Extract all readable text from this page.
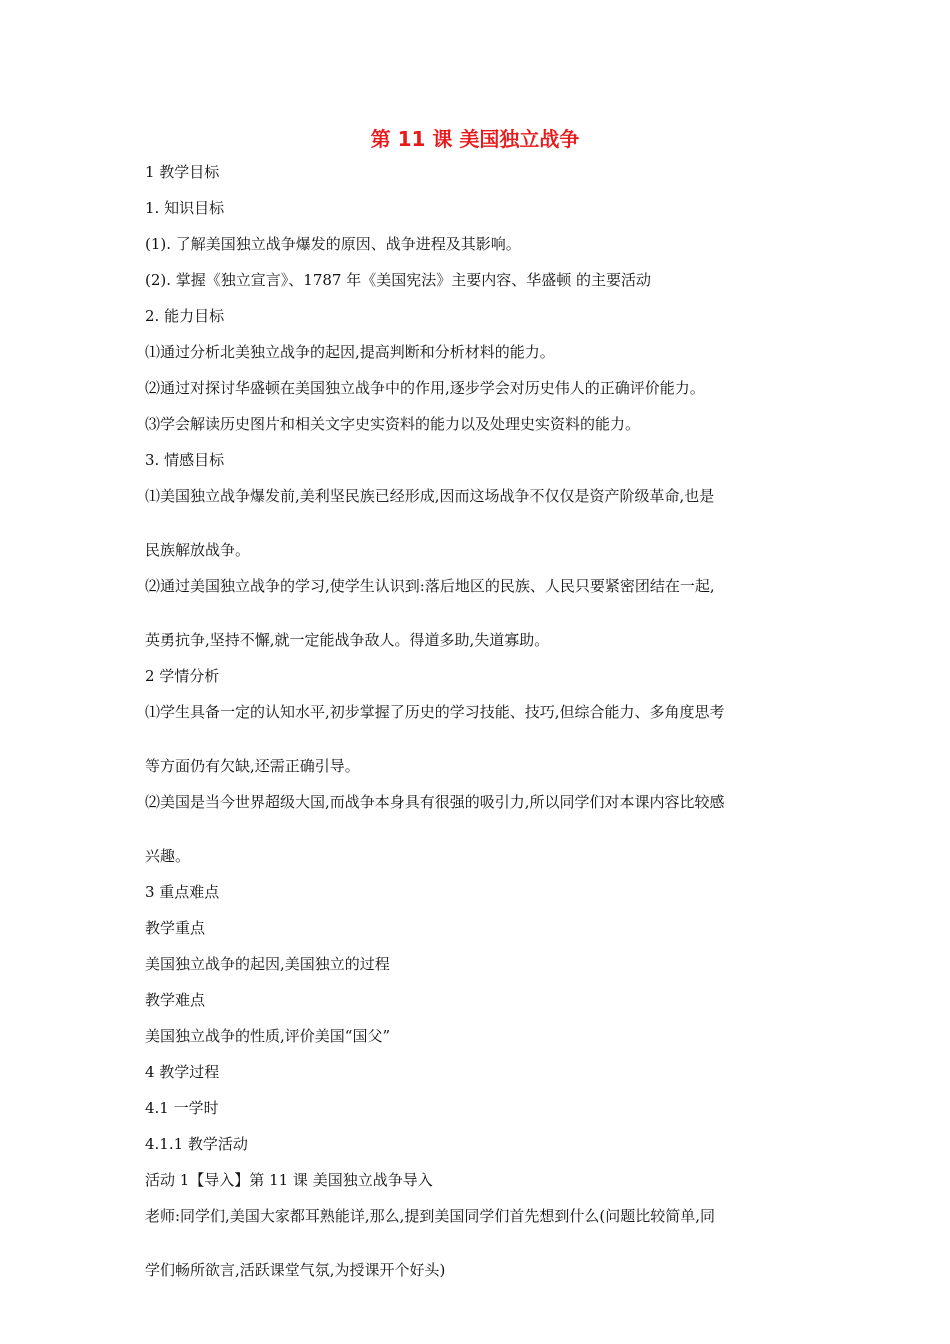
第 11 课 美国独立战争

1 教学目标

1. 知识目标

(1). 了解美国独立战争爆发的原因、战争进程及其影响。

(2). 掌握《独立宣言》、1787 年《美国宪法》主要内容、华盛顿 的主要活动

2. 能力目标

⑴通过分析北美独立战争的起因,提高判断和分析材料的能力。

⑵通过对探讨华盛顿在美国独立战争中的作用,逐步学会对历史伟人的正确评价能力。

⑶学会解读历史图片和相关文字史实资料的能力以及处理史实资料的能力。

3. 情感目标

⑴美国独立战争爆发前,美利坚民族已经形成,因而这场战争不仅仅是资产阶级革命,也是

民族解放战争。

⑵通过美国独立战争的学习,使学生认识到:落后地区的民族、人民只要紧密团结在一起,

英勇抗争,坚持不懈,就一定能战争敌人。得道多助,失道寡助。

2 学情分析

⑴学生具备一定的认知水平,初步掌握了历史的学习技能、技巧,但综合能力、多角度思考

等方面仍有欠缺,还需正确引导。

⑵美国是当今世界超级大国,而战争本身具有很强的吸引力,所以同学们对本课内容比较感

兴趣。

3 重点难点

教学重点

美国独立战争的起因,美国独立的过程

教学难点

美国独立战争的性质,评价美国“国父”

4 教学过程

4.1 一学时

4.1.1 教学活动

活动 1【导入】第 11 课 美国独立战争导入

老师:同学们,美国大家都耳熟能详,那么,提到美国同学们首先想到什么(问题比较简单,同

学们畅所欲言,活跃课堂气氛,为授课开个好头)
